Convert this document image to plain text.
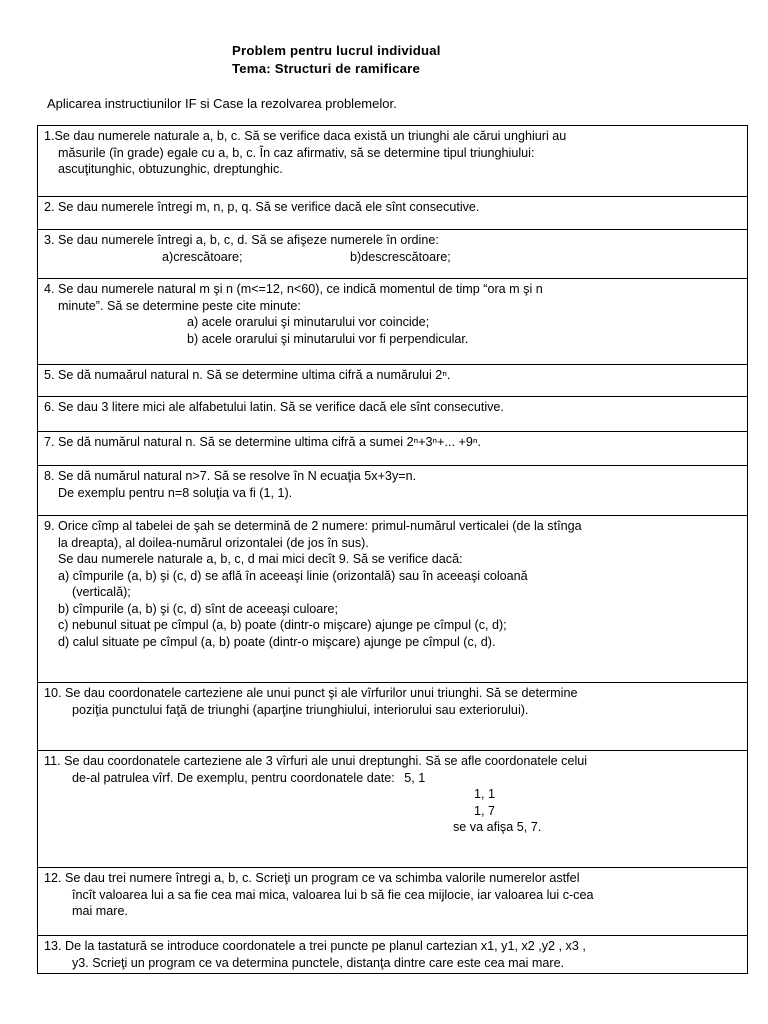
Problem pentru lucrul individual
Tema: Structuri de ramificare
Aplicarea instructiunilor IF si Case la rezolvarea problemelor.

1.Se dau numerele naturale a, b, c. Să se verifice daca există un triunghi ale cărui unghiuri au

măsurile (în grade) egale cu a, b, c. În caz afirmativ, să se determine tipul triunghiului:

ascuţitunghic, obtuzunghic, dreptunghic.

2. Se dau numerele întregi m, n, p, q. Să se verifice dacă ele sînt consecutive.

3. Se dau numerele întregi a, b, c, d. Să se afişeze numerele în ordine:

a)crescătoare;	b)descrescătoare;

4. Se dau numerele natural m şi n (m<=12, n<60), ce indică momentul de timp “ora m şi n

minute”. Să se determine peste cite minute:

a) acele orarului şi minutarului vor coincide;

b) acele orarului şi minutarului vor fi perpendicular.

5. Se dă numaărul natural n. Să se determine ultima cifră a numărului 2ⁿ.

6. Se dau 3 litere mici ale alfabetului latin. Să se verifice dacă ele sînt consecutive.

7. Se dă numărul natural n. Să se determine ultima cifră a sumei 2ⁿ+3ⁿ+... +9ⁿ.

8. Se dă numărul natural n>7. Să se resolve în N ecuaţia 5x+3y=n.

De exemplu pentru n=8 soluţia va fi (1, 1).

9. Orice cîmp al tabelei de şah se determină de 2 numere: primul-numărul verticalei (de la stînga

la dreapta), al doilea-numărul orizontalei (de jos în sus).

Se dau numerele naturale a, b, c, d mai mici decît 9. Să se verifice dacă:

a) cîmpurile (a, b) şi (c, d) se află în aceeaşi linie (orizontală) sau în aceeaşi coloană

(verticală);

b) cîmpurile (a, b) şi (c, d) sînt de aceeaşi culoare;

c) nebunul situat pe cîmpul (a, b) poate (dintr-o mişcare) ajunge pe cîmpul (c, d);

d) calul situate pe cîmpul (a, b) poate (dintr-o mişcare) ajunge pe cîmpul (c, d).

10. Se dau coordonatele carteziene ale unui punct şi ale vîrfurilor unui triunghi. Să se determine

poziţia punctului faţă de triunghi (aparţine triunghiului, interiorului sau exteriorului).

11. Se dau coordonatele carteziene ale 3 vîrfuri ale unui dreptunghi. Să se afle coordonatele celui

de-al patrulea vîrf. De exemplu, pentru coordonatele date: 5, 1

1, 1

1, 7

se va afişa 5, 7.

12. Se dau trei numere întregi a, b, c. Scrieţi un program ce va schimba valorile numerelor astfel

încît valoarea lui a sa fie cea mai mica, valoarea lui b să fie cea mijlocie, iar valoarea lui c-cea

mai mare.

13. De la tastatură se introduce coordonatele a trei puncte pe planul cartezian x1, y1, x2 ,y2 , x3 ,

y3. Scrieţi un program ce va determina punctele, distanţa dintre care este cea mai mare.
